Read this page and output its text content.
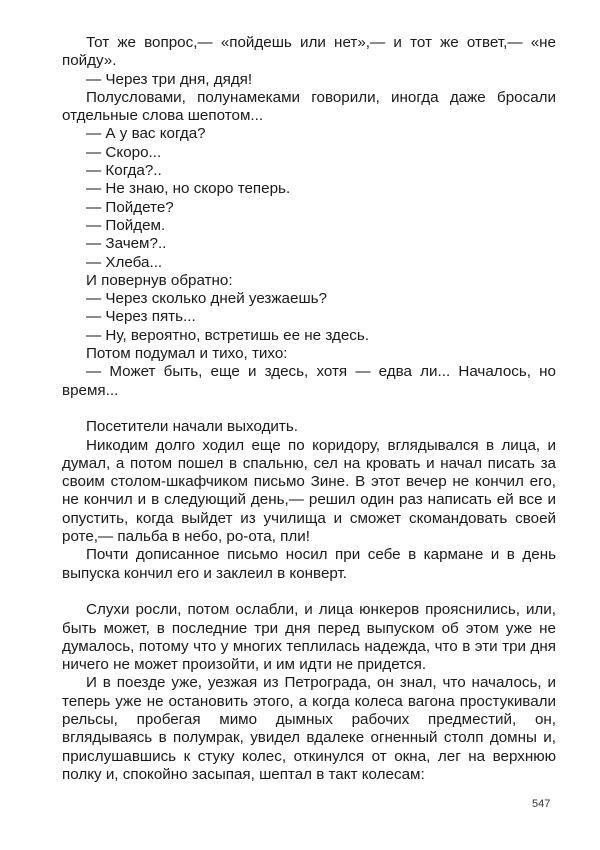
Тот же вопрос,— «пойдешь или нет»,— и тот же ответ,— «не пойду».

— Через три дня, дядя!

Полусловами, полунамеками говорили, иногда даже бросали отдельные слова шепотом...

— А у вас когда?

— Скоро...

— Когда?..

— Не знаю, но скоро теперь.

— Пойдете?

— Пойдем.

— Зачем?..

— Хлеба...

И повернув обратно:

— Через сколько дней уезжаешь?

— Через пять...

— Ну, вероятно, встретишь ее не здесь.

Потом подумал и тихо, тихо:

— Может быть, еще и здесь, хотя — едва ли... Началось, но время...

Посетители начали выходить.

Никодим долго ходил еще по коридору, вглядывался в лица, и думал, а потом пошел в спальню, сел на кровать и начал писать за своим столом-шкафчиком письмо Зине. В этот вечер не кончил его, не кончил и в следующий день,— решил один раз написать ей все и опустить, когда выйдет из училища и сможет скомандовать своей роте,— пальба в небо, ро-ота, пли!

Почти дописанное письмо носил при себе в кармане и в день выпуска кончил его и заклеил в конверт.

Слухи росли, потом ослабли, и лица юнкеров прояснились, или, быть может, в последние три дня перед выпуском об этом уже не думалось, потому что у многих теплилась надежда, что в эти три дня ничего не может произойти, и им идти не придется.

И в поезде уже, уезжая из Петрограда, он знал, что началось, и теперь уже не остановить этого, а когда колеса вагона простукивали рельсы, пробегая мимо дымных рабочих предместий, он, вглядываясь в полумрак, увидел вдалеке огненный столп домны и, прислушавшись к стуку колес, откинулся от окна, лег на верхнюю полку и, спокойно засыпая, шептал в такт колесам:

547
